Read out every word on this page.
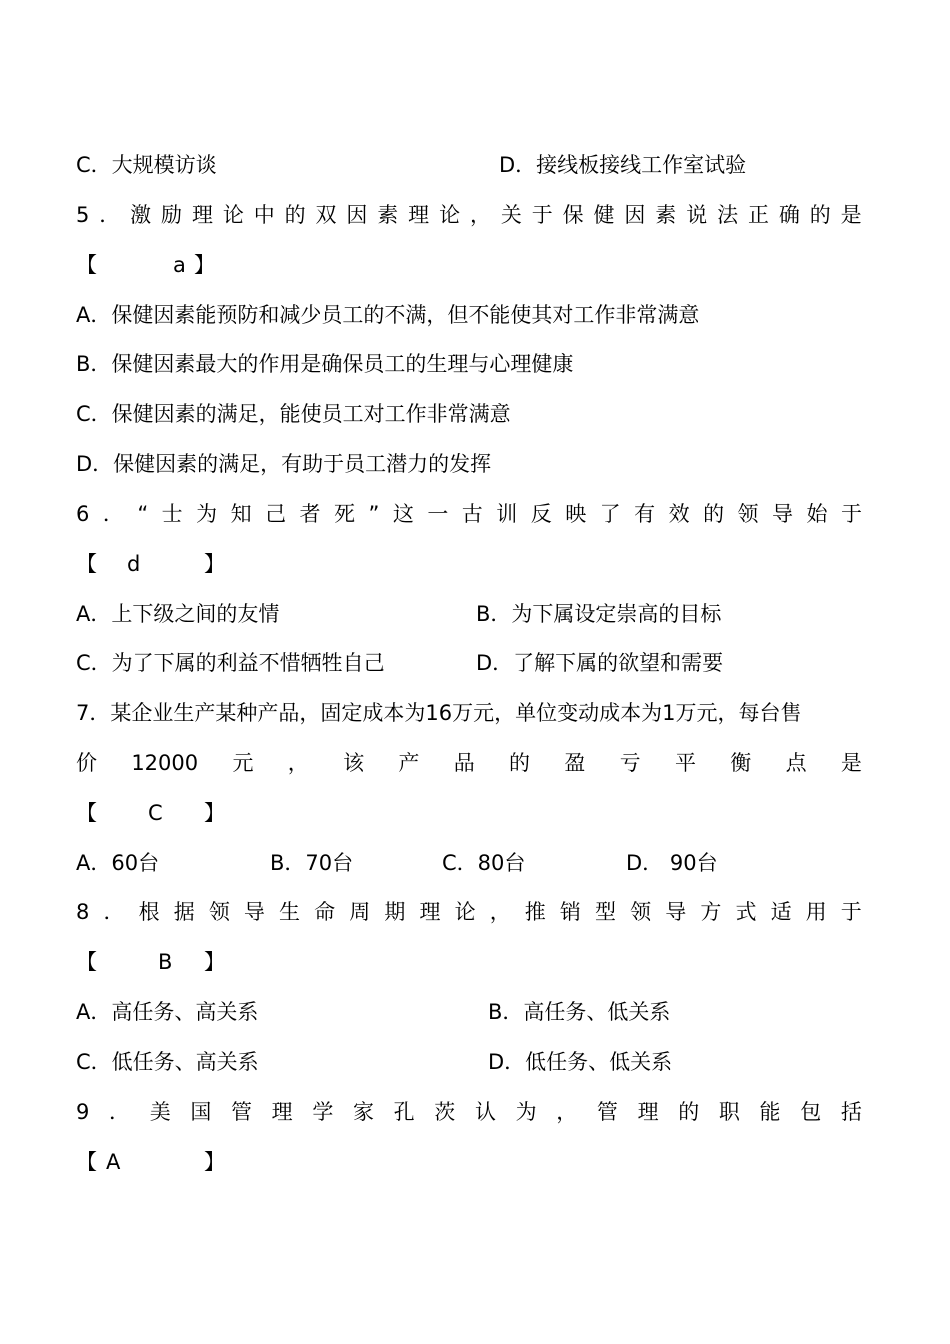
C．大规模访谈	D．接线板接线工作室试验
5 ． 激 励 理 论 中 的 双 因 素 理 论 ， 关 于 保 健 因 素 说 法 正 确 的 是
【	a 】
A．保健因素能预防和减少员工的不满，但不能使其对工作非常满意
B．保健因素最大的作用是确保员工的生理与心理健康
C．保健因素的满足，能使员工对工作非常满意
D．保健因素的满足，有助于员工潜力的发挥
6 ． “ 士 为 知 己 者 死 ” 这 一 古 训 反 映 了 有 效 的 领 导 始 于
【 d	】
A．上下级之间的友情	B．为下属设定崇高的目标
C．为了下属的利益不惜牺牲自己	D．了解下属的欲望和需要
7．某企业生产某种产品，固定成本为16万元，单位变动成本为1万元，每台售
价 12000 元 ， 该 产 品 的 盈 亏 平 衡 点 是
【 C 】
A．60台	B．70台	C．80台	D． 90台
8 ． 根 据 领 导 生 命 周 期 理 论 ， 推 销 型 领 导 方 式 适 用 于
【	B 】
A．高任务、高关系	B．高任务、低关系
C．低任务、高关系	D．低任务、低关系
9 ． 美 国 管 理 学 家 孔 茨 认 为 ， 管 理 的 职 能 包 括
【 A	】
